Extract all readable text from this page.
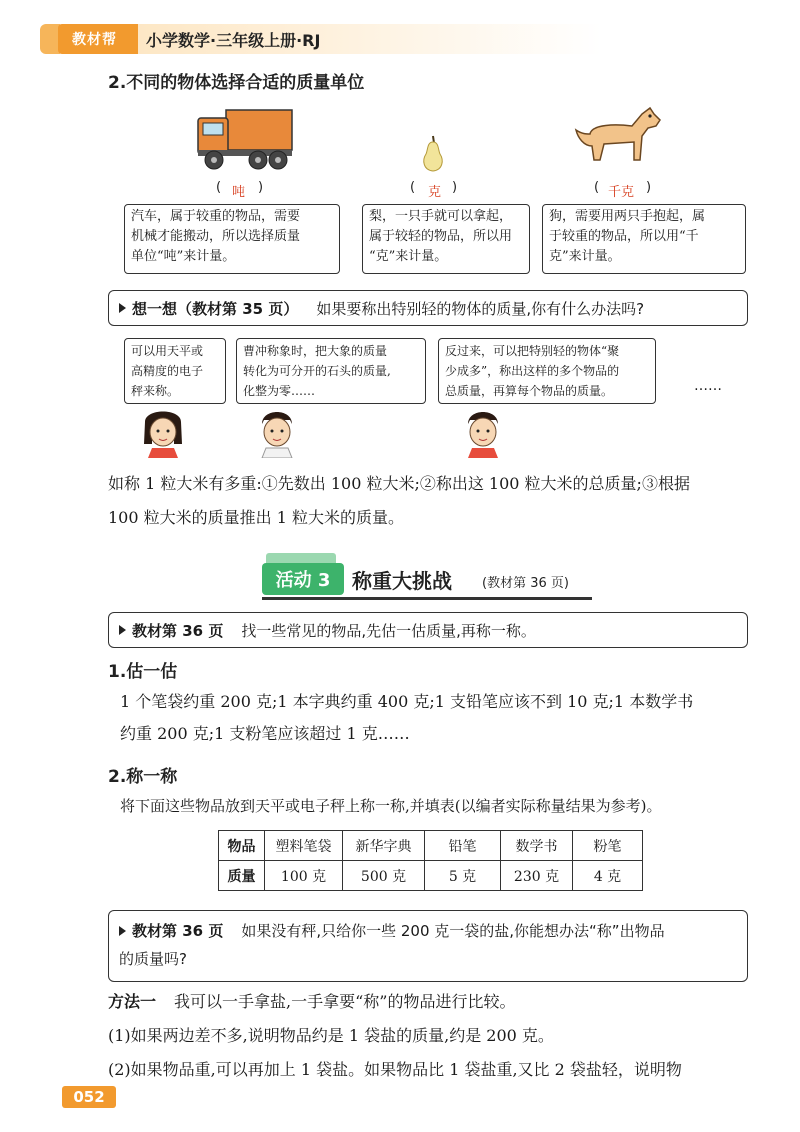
教材帮 小学数学·三年级上册·RJ
2.不同的物体选择合适的质量单位
( 吨 )	( 克 )	( 千克 )
汽车，属于较重的物品，需要
机械才能搬动，所以选择质量
单位“吨”来计量。
梨，一只手就可以拿起，
属于较轻的物品，所以用
“克”来计量。
狗，需要用两只手抱起，属
于较重的物品，所以用“千
克”来计量。
想一想（教材第 35 页） 如果要称出特别轻的物体的质量,你有什么办法吗?
可以用天平或
高精度的电子
秤来称。
曹冲称象时，把大象的质量
转化为可分开的石头的质量,
化整为零……
反过来，可以把特别轻的物体“聚
少成多”，称出这样的多个物品的
总质量，再算每个物品的质量。	……
如称 1 粒大米有多重:①先数出 100 粒大米;②称出这 100 粒大米的总质量;③根据
100 粒大米的质量推出 1 粒大米的质量。
活动 3	称重大挑战 (教材第 36 页)
教材第 36 页 找一些常见的物品,先估一估质量,再称一称。
1.估一估
1 个笔袋约重 200 克;1 本字典约重 400 克;1 支铅笔应该不到 10 克;1 本数学书
约重 200 克;1 支粉笔应该超过 1 克……
2.称一称
将下面这些物品放到天平或电子秤上称一称,并填表(以编者实际称量结果为参考)。
物品	塑料笔袋	新华字典	铅笔	数学书	粉笔
质量	100 克	500 克	5 克	230 克	4 克
教材第 36 页 如果没有秤,只给你一些 200 克一袋的盐,你能想办法“称”出物品
的质量吗?
方法一 我可以一手拿盐,一手拿要“称”的物品进行比较。
(1)如果两边差不多,说明物品约是 1 袋盐的质量,约是 200 克。
(2)如果物品重,可以再加上 1 袋盐。如果物品比 1 袋盐重,又比 2 袋盐轻，说明物
052
